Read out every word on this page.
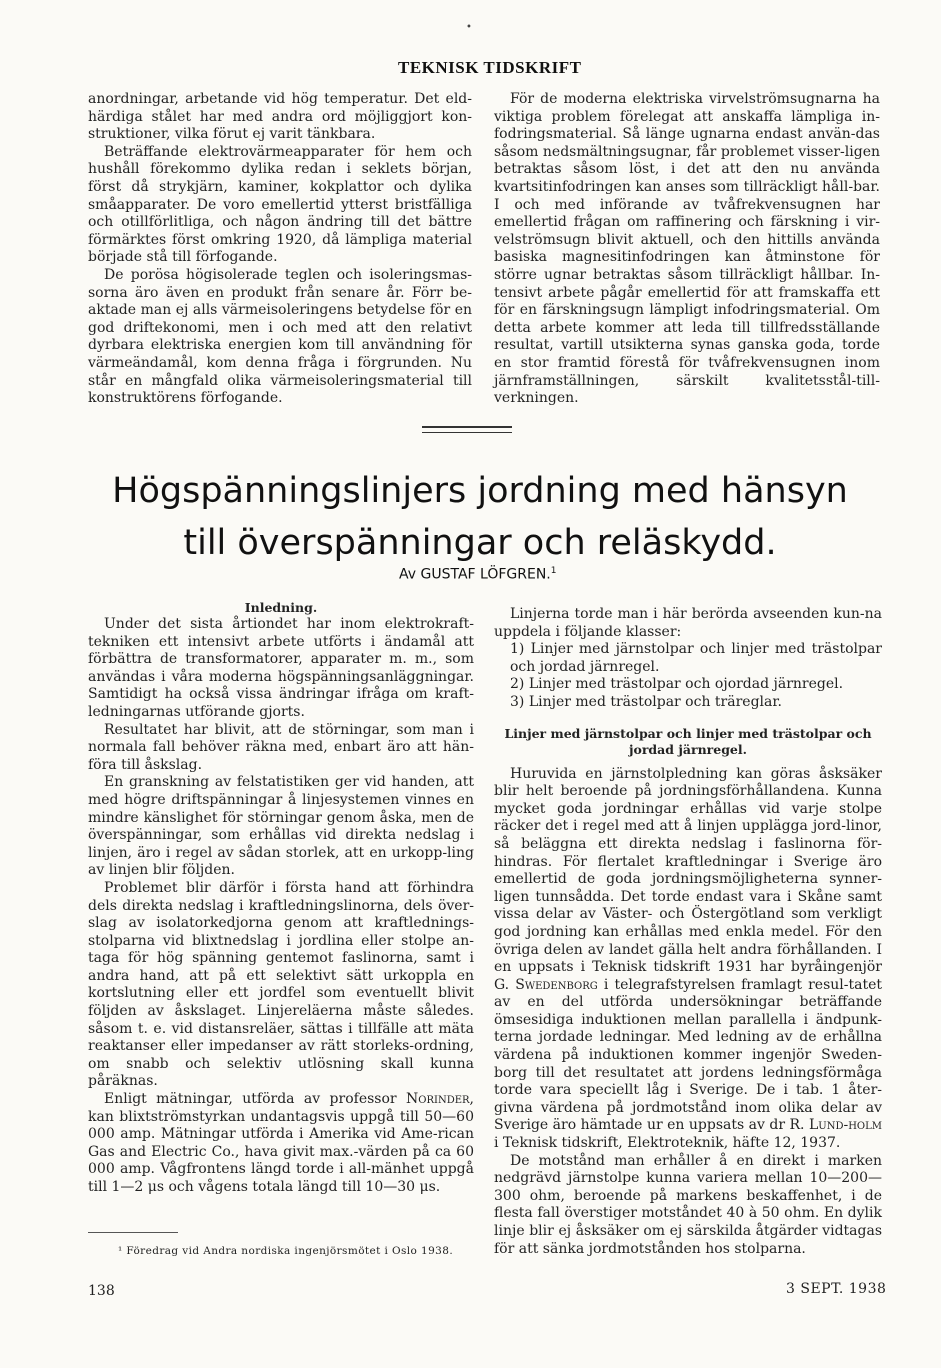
•
TEKNISK TIDSKRIFT

anordningar, arbetande vid hög temperatur. Det eld-härdiga stålet har med andra ord möjliggjort kon-struktioner, vilka förut ej varit tänkbara.

Beträffande elektrovärmeapparater för hem och hushåll förekommo dylika redan i seklets början, först då strykjärn, kaminer, kokplattor och dylika småapparater. De voro emellertid ytterst bristfälliga och otillförlitliga, och någon ändring till det bättre förmärktes först omkring 1920, då lämpliga material började stå till förfogande.

De porösa högisolerade teglen och isoleringsmas-sorna äro även en produkt från senare år. Förr be-aktade man ej alls värmeisoleringens betydelse för en god driftekonomi, men i och med att den relativt dyrbara elektriska energien kom till användning för värmeändamål, kom denna fråga i förgrunden. Nu står en mångfald olika värmeisoleringsmaterial till konstruktörens förfogande.

För de moderna elektriska virvelströmsugnarna ha viktiga problem förelegat att anskaffa lämpliga in-fodringsmaterial. Så länge ugnarna endast använ-das såsom nedsmältningsugnar, får problemet visser-ligen betraktas såsom löst, i det att den nu använda kvartsitinfodringen kan anses som tillräckligt håll-bar. I och med införande av tvåfrekvensugnen har emellertid frågan om raffinering och färskning i vir-velströmsugn blivit aktuell, och den hittills använda basiska magnesitinfodringen kan åtminstone för större ugnar betraktas såsom tillräckligt hållbar. In-tensivt arbete pågår emellertid för att framskaffa ett för en färskningsugn lämpligt infodringsmaterial. Om detta arbete kommer att leda till tillfredsställande resultat, vartill utsikterna synas ganska goda, torde en stor framtid förestå för tvåfrekvensugnen inom järnframställningen, särskilt kvalitetsstål-till-verkningen.

Högspänningslinjers jordning med hänsyn till överspänningar och reläskydd.
Av GUSTAF LÖFGREN.$^1$

Inledning.

Under det sista årtiondet har inom elektrokraft-tekniken ett intensivt arbete utförts i ändamål att förbättra de transformatorer, apparater m. m., som användas i våra moderna högspänningsanläggningar. Samtidigt ha också vissa ändringar ifråga om kraft-ledningarnas utförande gjorts.

Resultatet har blivit, att de störningar, som man i normala fall behöver räkna med, enbart äro att hän-föra till åskslag.

En granskning av felstatistiken ger vid handen, att med högre driftspänningar å linjesystemen vinnes en mindre känslighet för störningar genom åska, men de överspänningar, som erhållas vid direkta nedslag i linjen, äro i regel av sådan storlek, att en urkopp-ling av linjen blir följden.

Problemet blir därför i första hand att förhindra dels direkta nedslag i kraftledningslinorna, dels över-slag av isolatorkedjorna genom att kraftlednings-stolparna vid blixtnedslag i jordlina eller stolpe an-taga för hög spänning gentemot faslinorna, samt i andra hand, att på ett selektivt sätt urkoppla en kortslutning eller ett jordfel som eventuellt blivit följden av åskslaget. Linjereläerna måste således. såsom t. e. vid distansreläer, sättas i tillfälle att mäta reaktanser eller impedanser av rätt storleks-ordning, om snabb och selektiv utlösning skall kunna påräknas.

Enligt mätningar, utförda av professor Norinder, kan blixtströmstyrkan undantagsvis uppgå till 50—60 000 amp. Mätningar utförda i Amerika vid Ame-rican Gas and Electric Co., hava givit max.-värden på ca 60 000 amp. Vågfrontens längd torde i all-mänhet uppgå till 1—2 μs och vågens totala längd till 10—30 μs.

Linjerna torde man i här berörda avseenden kun-na uppdela i följande klasser:

1) Linjer med järnstolpar och linjer med trästolpar och jordad järnregel.

2) Linjer med trästolpar och ojordad järnregel.

3) Linjer med trästolpar och träreglar.

Linjer med järnstolpar och linjer med trästolpar och jordad järnregel.

Huruvida en järnstolpledning kan göras åsksäker blir helt beroende på jordningsförhållandena. Kunna mycket goda jordningar erhållas vid varje stolpe räcker det i regel med att å linjen upplägga jord-linor, så beläggna ett direkta nedslag i faslinorna för-hindras. För flertalet kraftledningar i Sverige äro emellertid de goda jordningsmöjligheterna synner-ligen tunnsådda. Det torde endast vara i Skåne samt vissa delar av Väster- och Östergötland som verkligt god jordning kan erhållas med enkla medel. För den övriga delen av landet gälla helt andra förhållanden. I en uppsats i Teknisk tidskrift 1931 har byråingenjör G. Swedenborg i telegrafstyrelsen framlagt resul-tatet av en del utförda undersökningar beträffande ömsesidiga induktionen mellan parallella i ändpunk-terna jordade ledningar. Med ledning av de erhållna värdena på induktionen kommer ingenjör Sweden-borg till det resultatet att jordens ledningsförmåga torde vara speciellt låg i Sverige. De i tab. 1 åter-givna värdena på jordmotstånd inom olika delar av Sverige äro hämtade ur en uppsats av dr R. Lund-holm i Teknisk tidskrift, Elektroteknik, häfte 12, 1937.

De motstånd man erhåller å en direkt i marken nedgrävd järnstolpe kunna variera mellan 10—200—300 ohm, beroende på markens beskaffenhet, i de flesta fall överstiger motståndet 40 à 50 ohm. En dylik linje blir ej åsksäker om ej särskilda åtgärder vidtagas för att sänka jordmotstånden hos stolparna.

¹ Föredrag vid Andra nordiska ingenjörsmötet i Oslo 1938.
138	3 SEPT. 1938
